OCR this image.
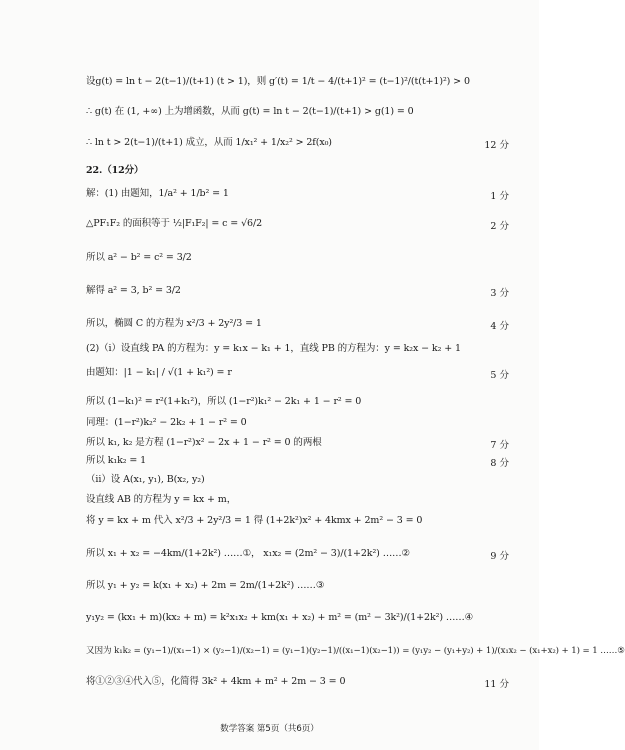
设g(t) = ln t − 2(t−1)/(t+1) (t > 1)，则 g′(t) = 1/t − 4/(t+1)² = (t−1)²/(t(t+1)²) > 0
∴ g(t) 在 (1, +∞) 上为增函数，从而 g(t) = ln t − 2(t−1)/(t+1) > g(1) = 0
∴ ln t > 2(t−1)/(t+1) 成立，从而 1/x₁² + 1/x₂² > 2f(x₀)	12 分
22.（12分）
解：(1) 由题知，1/a² + 1/b² = 1	1 分
△PF₁F₂ 的面积等于 ½|F₁F₂| = c = √6/2	2 分
所以 a² − b² = c² = 3/2
解得 a² = 3, b² = 3/2	3 分
所以，椭圆 C 的方程为 x²/3 + 2y²/3 = 1	4 分
(2)（ⅰ）设直线 PA 的方程为：y = k₁x − k₁ + 1，直线 PB 的方程为：y = k₂x − k₂ + 1
由题知：|1 − k₁| / √(1 + k₁²) = r	5 分
所以 (1−k₁)² = r²(1+k₁²)，所以 (1−r²)k₁² − 2k₁ + 1 − r² = 0
同理：(1−r²)k₂² − 2k₂ + 1 − r² = 0
所以 k₁, k₂ 是方程 (1−r²)x² − 2x + 1 − r² = 0 的两根	7 分
所以 k₁k₂ = 1	8 分
（ⅱ）设 A(x₁, y₁), B(x₂, y₂)
设直线 AB 的方程为 y = kx + m，
将 y = kx + m 代入 x²/3 + 2y²/3 = 1 得 (1+2k²)x² + 4kmx + 2m² − 3 = 0
所以 x₁ + x₂ = −4km/(1+2k²) ……①， x₁x₂ = (2m² − 3)/(1+2k²) ……②	9 分
所以 y₁ + y₂ = k(x₁ + x₂) + 2m = 2m/(1+2k²) ……③
y₁y₂ = (kx₁ + m)(kx₂ + m) = k²x₁x₂ + km(x₁ + x₂) + m² = (m² − 3k²)/(1+2k²) ……④
又因为 k₁k₂ = (y₁−1)/(x₁−1) × (y₂−1)/(x₂−1) = (y₁−1)(y₂−1)/((x₁−1)(x₂−1)) = (y₁y₂ − (y₁+y₂) + 1)/(x₁x₂ − (x₁+x₂) + 1) = 1 ……⑤
将①②③④代入⑤，化简得 3k² + 4km + m² + 2m − 3 = 0	11 分
数学答案 第5页（共6页）
